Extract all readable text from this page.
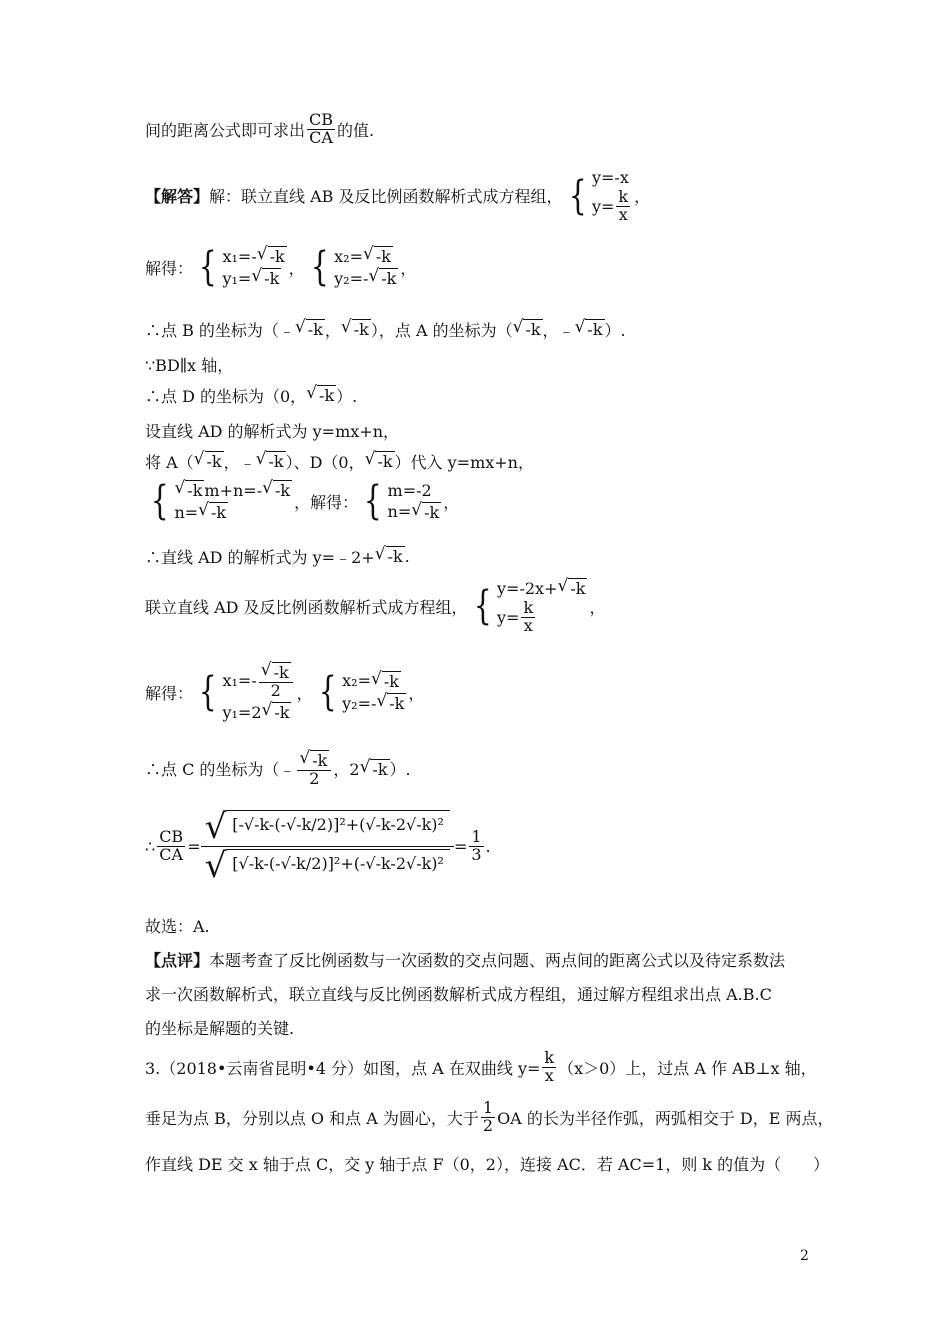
间的距离公式即可求出 $\frac{CB}{CA}$ 的值.
【解答】 解：联立直线 AB 及反比例函数解析式成方程组， { y=-x
$y= \frac{k}{x}$ ，
解得： { x₁=- √ -k
y₁= √ -k
， { x₂= √ -k
y₂=- √ -k
，
∴点 B 的坐标为（﹣ √ -k ， √ -k ），点 A 的坐标为（ √ -k ，﹣ √ -k ）.
∵BD∥x 轴，
∴点 D 的坐标为（0， √ -k ）.
设直线 AD 的解析式为 y=mx+n，
将 A（ √ -k ，﹣ √ -k ）、D（0， √ -k ）代入 y=mx+n，
{ √ -k m+n=- √ -k
n= √ -k
，解得： { m=-2
n= √ -k
，
∴直线 AD 的解析式为 y=﹣2+ √ -k .
联立直线 AD 及反比例函数解析式成方程组， { y=-2x+ √ -k
$y= \frac{k}{x}$	，
解得： { $x_1=- \frac{√ -k}{2}$
y₁=2 √ -k
， { x₂= √ -k
y₂=- √ -k
，
∴点 C 的坐标为（﹣ $\frac{√ -k}{2}$ ，2 √ -k ）.
∴ $\frac{CB}{CA} = \frac{\text{√ [-√-k-(-√-k/2)]²+(√-k-2√-k)²}}{\text{√ [√-k-(-√-k/2)]²+(-√-k-2√-k)²}} = \frac{1}{3}$ .
故选：A.
【点评】 本题考查了反比例函数与一次函数的交点问题、两点间的距离公式以及待定系数法
求一次函数解析式，联立直线与反比例函数解析式成方程组，通过解方程组求出点 A.B.C
的坐标是解题的关键.
3.（2018•云南省昆明•4 分）如图，点 A 在双曲线 $y= \frac{k}{x} (x>0)$上，过点 A 作 AB⊥x 轴，
垂足为点 B，分别以点 O 和点 A 为圆心，大于 $\frac{1}{2}$ OA 的长为半径作弧，两弧相交于 D，E 两点，
作直线 DE 交 x 轴于点 C，交 y 轴于点 F（0，2），连接 AC．若 AC=1，则 k 的值为（　　）
2
